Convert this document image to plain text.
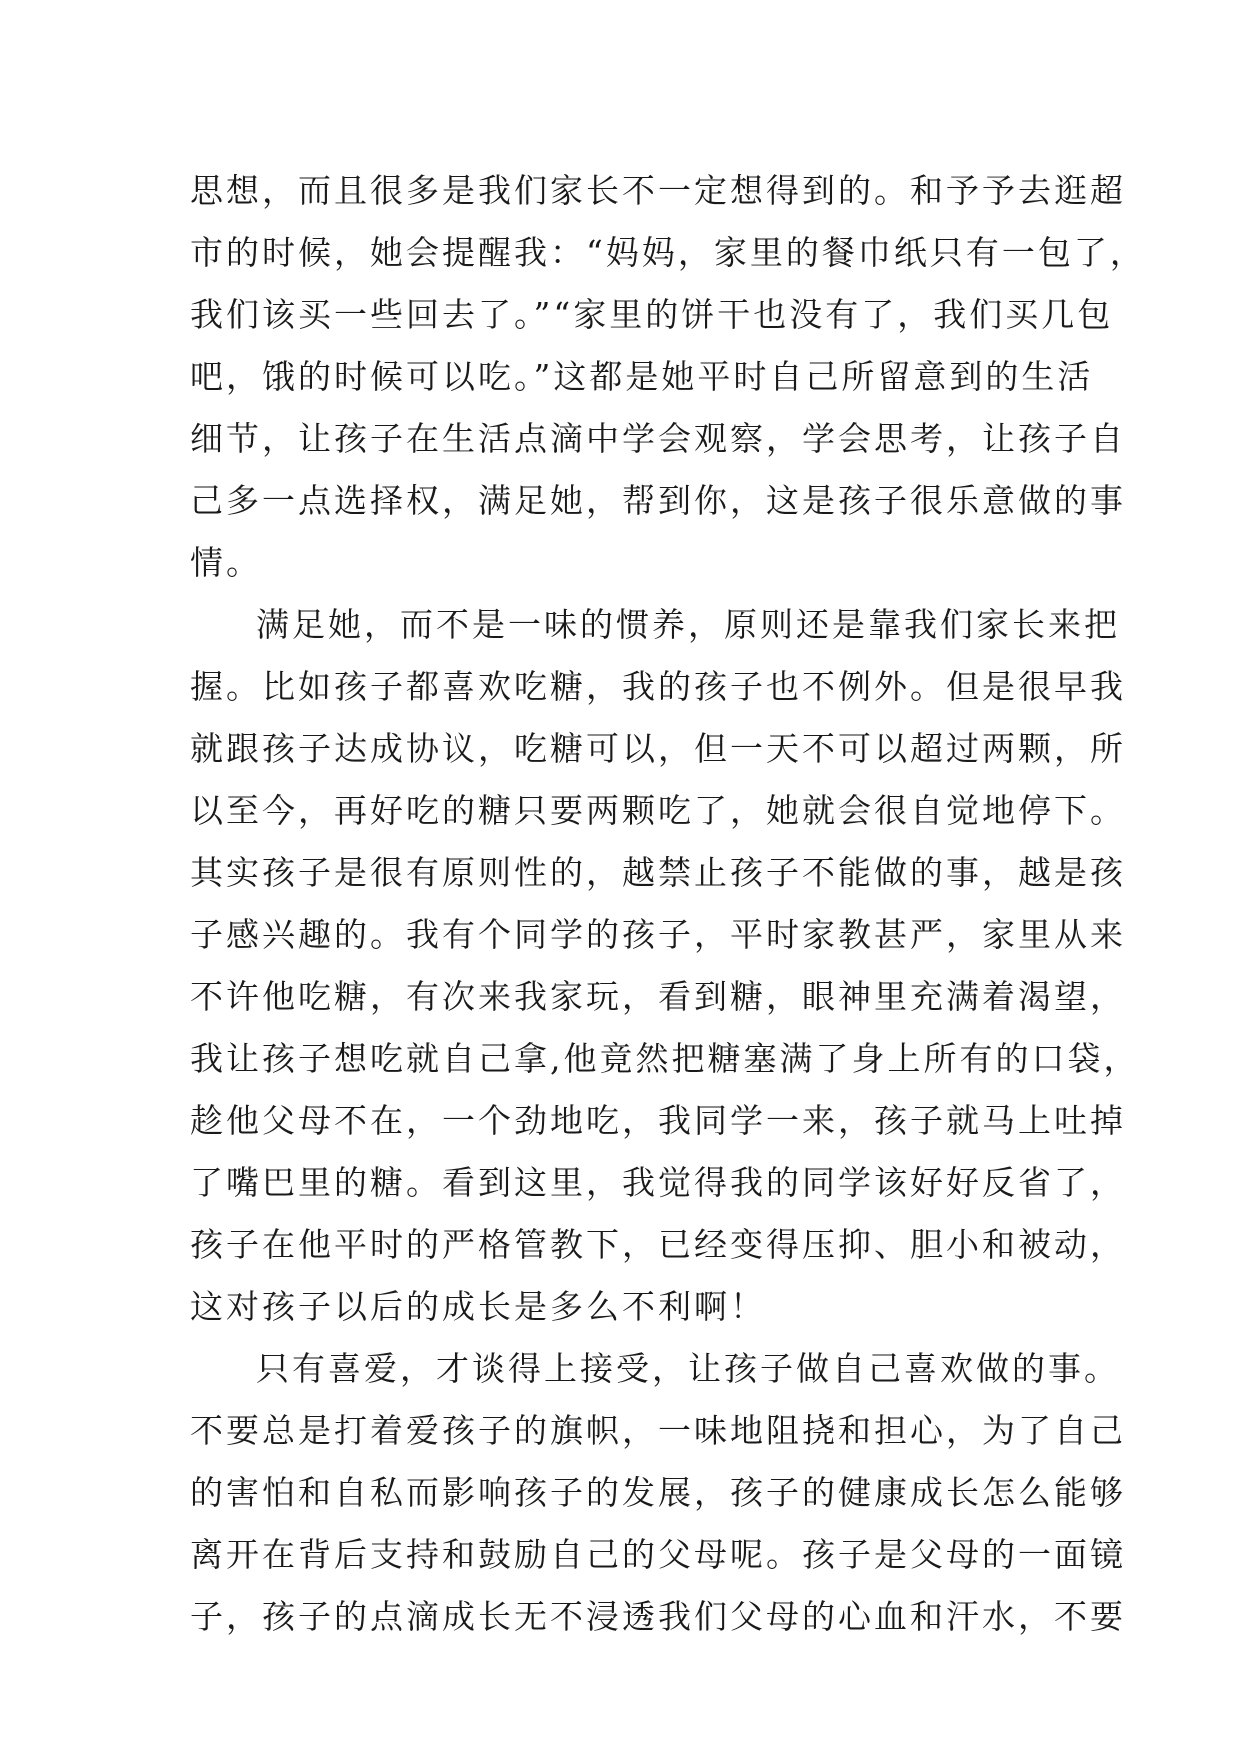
思想，而且很多是我们家长不一定想得到的。和予予去逛超
市的时候，她会提醒我：“妈妈，家里的餐巾纸只有一包了，
我们该买一些回去了。”“家里的饼干也没有了，我们买几包
吧，饿的时候可以吃。”这都是她平时自己所留意到的生活
细节，让孩子在生活点滴中学会观察，学会思考，让孩子自
己多一点选择权，满足她，帮到你，这是孩子很乐意做的事
情。
满足她，而不是一味的惯养，原则还是靠我们家长来把
握。比如孩子都喜欢吃糖，我的孩子也不例外。但是很早我
就跟孩子达成协议，吃糖可以，但一天不可以超过两颗，所
以至今，再好吃的糖只要两颗吃了，她就会很自觉地停下。
其实孩子是很有原则性的，越禁止孩子不能做的事，越是孩
子感兴趣的。我有个同学的孩子，平时家教甚严，家里从来
不许他吃糖，有次来我家玩，看到糖，眼神里充满着渴望，
我让孩子想吃就自己拿,他竟然把糖塞满了身上所有的口袋，
趁他父母不在，一个劲地吃，我同学一来，孩子就马上吐掉
了嘴巴里的糖。看到这里，我觉得我的同学该好好反省了，
孩子在他平时的严格管教下，已经变得压抑、胆小和被动，
这对孩子以后的成长是多么不利啊！
只有喜爱，才谈得上接受，让孩子做自己喜欢做的事。
不要总是打着爱孩子的旗帜，一味地阻挠和担心，为了自己
的害怕和自私而影响孩子的发展，孩子的健康成长怎么能够
离开在背后支持和鼓励自己的父母呢。孩子是父母的一面镜
子，孩子的点滴成长无不浸透我们父母的心血和汗水，不要
